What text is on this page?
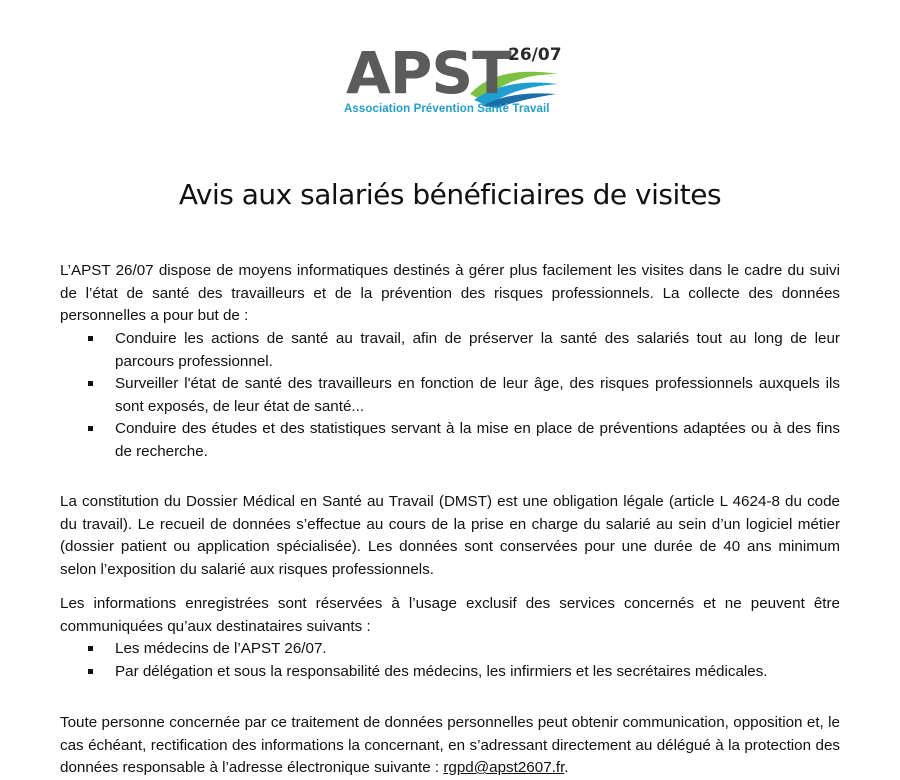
APST
26/07
Association Prévention Santé Travail
Avis aux salariés bénéficiaires de visites
L’APST 26/07 dispose de moyens informatiques destinés à gérer plus facilement les visites dans le cadre du suivi de l’état de santé des travailleurs et de la prévention des risques professionnels. La collecte des données personnelles a pour but de :
Conduire les actions de santé au travail, afin de préserver la santé des salariés tout au long de leur parcours professionnel.
Surveiller l'état de santé des travailleurs en fonction de leur âge, des risques professionnels auxquels ils sont exposés, de leur état de santé...
Conduire des études et des statistiques servant à la mise en place de préventions adaptées ou à des fins de recherche.
La constitution du Dossier Médical en Santé au Travail (DMST) est une obligation légale (article L 4624-8 du code du travail). Le recueil de données s’effectue au cours de la prise en charge du salarié au sein d’un logiciel métier (dossier patient ou application spécialisée). Les données sont conservées pour une durée de 40 ans minimum selon l’exposition du salarié aux risques professionnels.
Les informations enregistrées sont réservées à l’usage exclusif des services concernés et ne peuvent être communiquées qu’aux destinataires suivants :
Les médecins de l’APST 26/07.
Par délégation et sous la responsabilité des médecins, les infirmiers et les secrétaires médicales.
Toute personne concernée par ce traitement de données personnelles peut obtenir communication, opposition et, le cas échéant, rectification des informations la concernant, en s’adressant directement au délégué à la protection des données responsable à l’adresse électronique suivante : rgpd@apst2607.fr.
